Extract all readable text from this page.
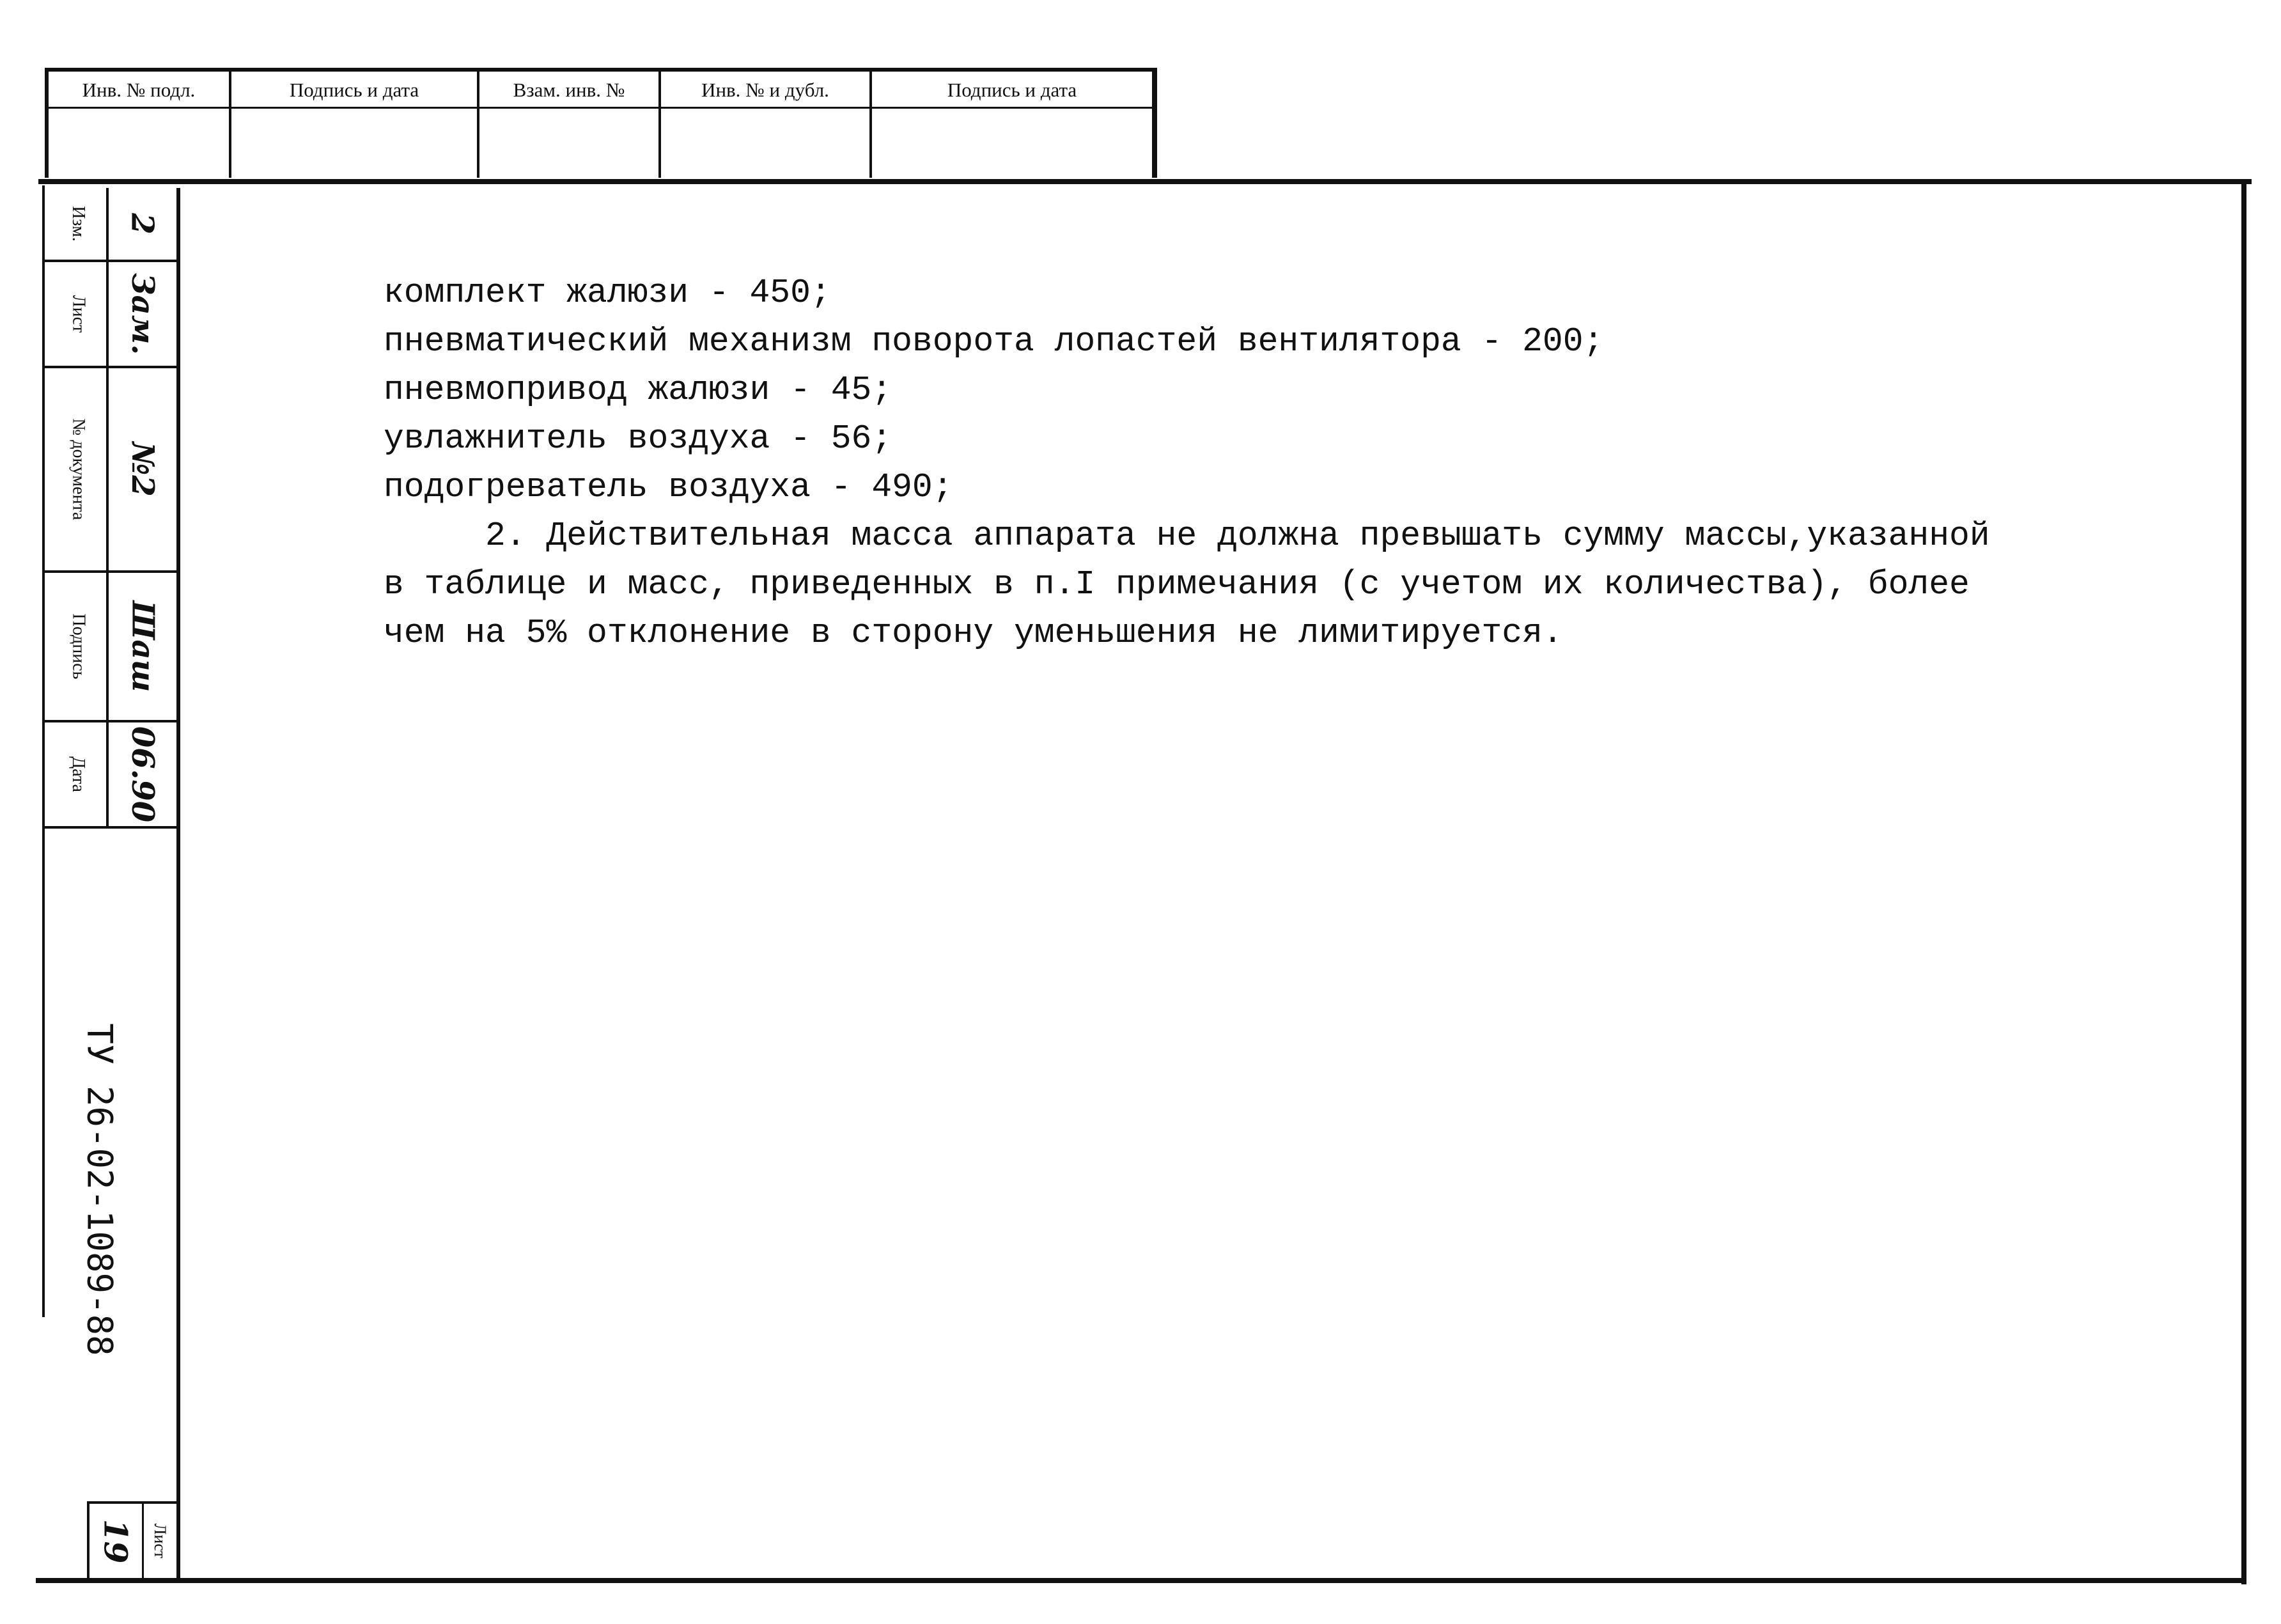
Инв. № подл.	Подпись и дата	Взам. инв. №	Инв. № и дубл.	Подпись и дата
Изм. 2
Лист Зам.
№ документа №2
Подпись Шаш
Дата 06.90
ТУ 26-02-1089-88
19 Лист
комплект жалюзи - 450;
пневматический механизм поворота лопастей вентилятора - 200;
пневмопривод жалюзи - 45;
увлажнитель воздуха - 56;
подогреватель воздуха - 490;
2. Действительная масса аппарата не должна превышать сумму массы,указанной
в таблице и масс, приведенных в п.I примечания (с учетом их количества), более
чем на 5% отклонение в сторону уменьшения не лимитируется.
